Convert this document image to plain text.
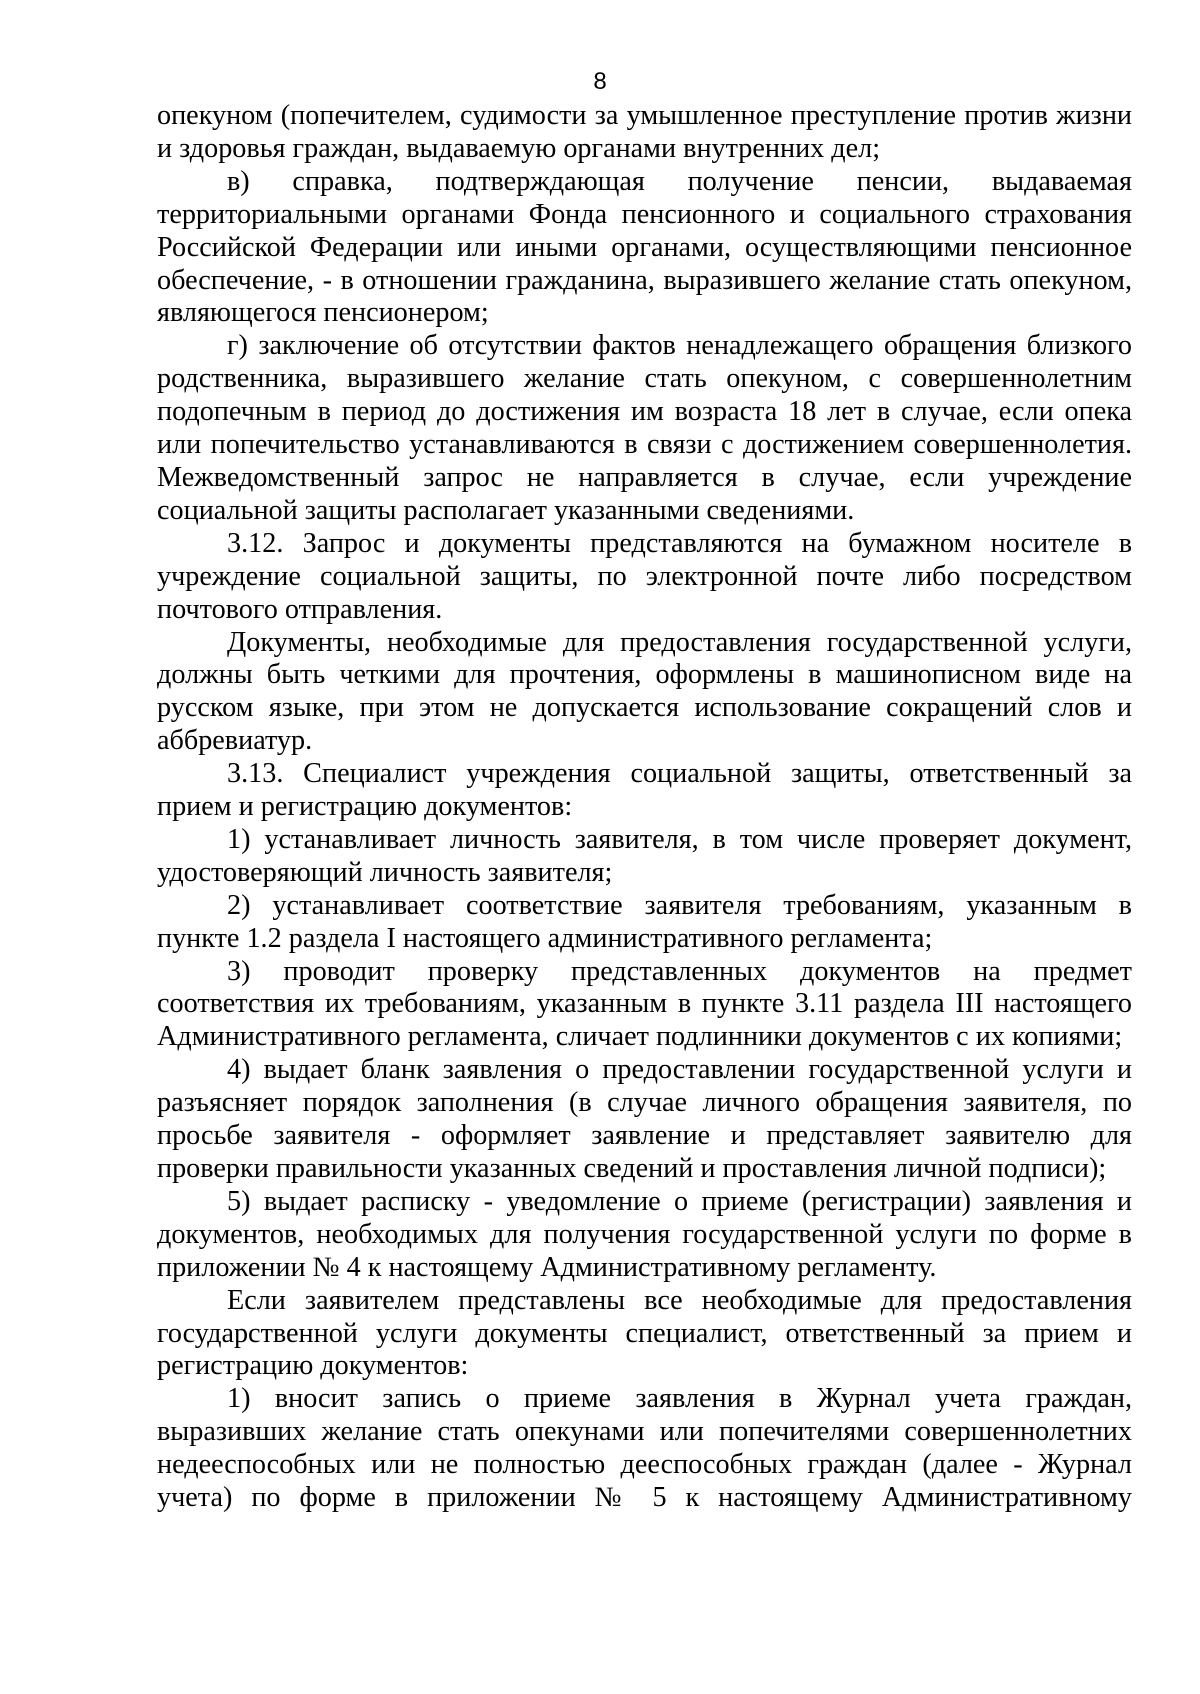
8

опекуном (попечителем, судимости за умышленное преступление против жизни и здоровья граждан, выдаваемую органами внутренних дел;

в) справка, подтверждающая получение пенсии, выдаваемая территориальными органами Фонда пенсионного и социального страхования Российской Федерации или иными органами, осуществляющими пенсионное обеспечение, - в отношении гражданина, выразившего желание стать опекуном, являющегося пенсионером;

г) заключение об отсутствии фактов ненадлежащего обращения близкого родственника, выразившего желание стать опекуном, с совершеннолетним подопечным в период до достижения им возраста 18 лет в случае, если опека или попечительство устанавливаются в связи с достижением совершеннолетия. Межведомственный запрос не направляется в случае, если учреждение социальной защиты располагает указанными сведениями.

3.12. Запрос и документы представляются на бумажном носителе в учреждение социальной защиты, по электронной почте либо посредством почтового отправления.

Документы, необходимые для предоставления государственной услуги, должны быть четкими для прочтения, оформлены в машинописном виде на русском языке, при этом не допускается использование сокращений слов и аббревиатур.

3.13. Специалист учреждения социальной защиты, ответственный за прием и регистрацию документов:

1) устанавливает личность заявителя, в том числе проверяет документ, удостоверяющий личность заявителя;

2) устанавливает соответствие заявителя требованиям, указанным в пункте 1.2 раздела I настоящего административного регламента;

3) проводит проверку представленных документов на предмет соответствия их требованиям, указанным в пункте 3.11 раздела III настоящего Административного регламента, сличает подлинники документов с их копиями;

4) выдает бланк заявления о предоставлении государственной услуги и разъясняет порядок заполнения (в случае личного обращения заявителя, по просьбе заявителя - оформляет заявление и представляет заявителю для проверки правильности указанных сведений и проставления личной подписи);

5) выдает расписку - уведомление о приеме (регистрации) заявления и документов, необходимых для получения государственной услуги по форме в приложении № 4 к настоящему Административному регламенту.

Если заявителем представлены все необходимые для предоставления государственной услуги документы специалист, ответственный за прием и регистрацию документов:

1) вносит запись о приеме заявления в Журнал учета граждан, выразивших желание стать опекунами или попечителями совершеннолетних недееспособных или не полностью дееспособных граждан (далее - Журнал учета) по форме в приложении № 5 к настоящему Административному
